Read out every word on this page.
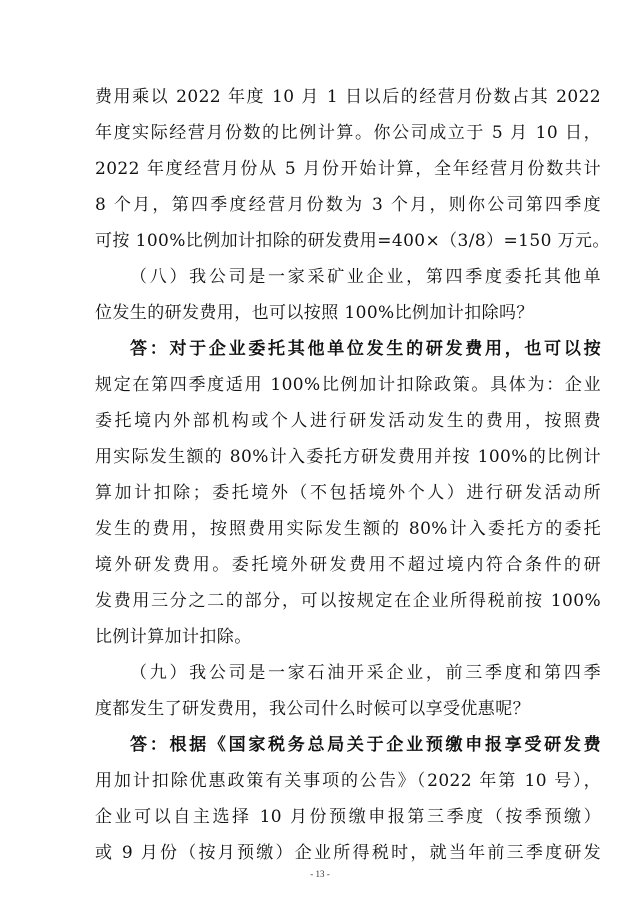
费用乘以 2022 年度 10 月 1 日以后的经营月份数占其 2022
年度实际经营月份数的比例计算。你公司成立于 5 月 10 日，
2022 年度经营月份从 5 月份开始计算，全年经营月份数共计
8 个月，第四季度经营月份数为 3 个月，则你公司第四季度
可按 100%比例加计扣除的研发费用=400×（3/8）=150 万元。
（八）我公司是一家采矿业企业，第四季度委托其他单
位发生的研发费用，也可以按照 100%比例加计扣除吗？
答：对于企业委托其他单位发生的研发费用，也可以按
规定在第四季度适用 100%比例加计扣除政策。具体为：企业
委托境内外部机构或个人进行研发活动发生的费用，按照费
用实际发生额的 80%计入委托方研发费用并按 100%的比例计
算加计扣除；委托境外（不包括境外个人）进行研发活动所
发生的费用，按照费用实际发生额的 80%计入委托方的委托
境外研发费用。委托境外研发费用不超过境内符合条件的研
发费用三分之二的部分，可以按规定在企业所得税前按 100%
比例计算加计扣除。
（九）我公司是一家石油开采企业，前三季度和第四季
度都发生了研发费用，我公司什么时候可以享受优惠呢？
答：根据《国家税务总局关于企业预缴申报享受研发费
用加计扣除优惠政策有关事项的公告》（2022 年第 10 号），
企业可以自主选择 10 月份预缴申报第三季度（按季预缴）
或 9 月份（按月预缴）企业所得税时，就当年前三季度研发
- 13 -
